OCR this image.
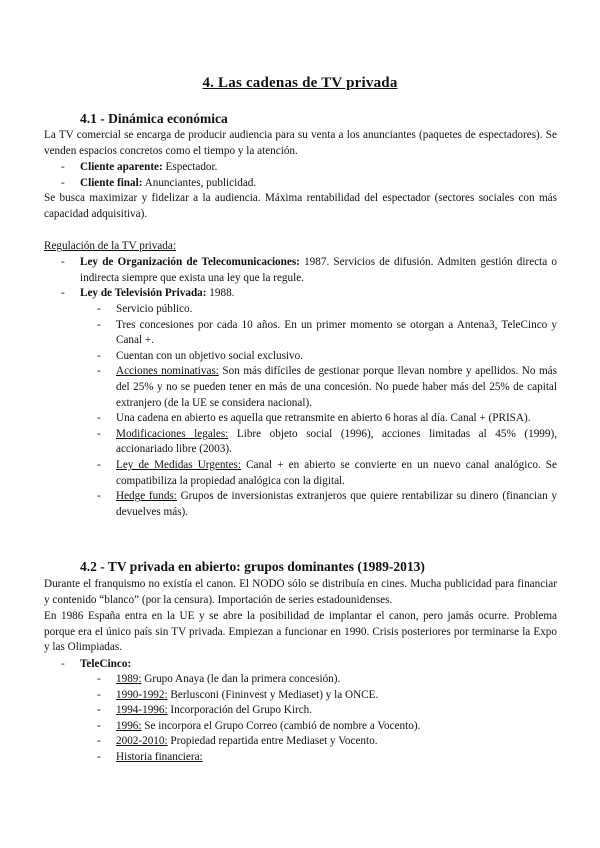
4. Las cadenas de TV privada
4.1 - Dinámica económica
La TV comercial se encarga de producir audiencia para su venta a los anunciantes (paquetes de espectadores). Se venden espacios concretos como el tiempo y la atención.
- Cliente aparente: Espectador.
- Cliente final: Anunciantes, publicidad.
Se busca maximizar y fidelizar a la audiencia. Máxima rentabilidad del espectador (sectores sociales con más capacidad adquisitiva).
Regulación de la TV privada:
- Ley de Organización de Telecomunicaciones: 1987. Servicios de difusión. Admiten gestión directa o indirecta siempre que exista una ley que la regule.
- Ley de Televisión Privada: 1988.
- Servicio público.
- Tres concesiones por cada 10 años. En un primer momento se otorgan a Antena3, TeleCinco y Canal +.
- Cuentan con un objetivo social exclusivo.
- Acciones nominativas: Son más difíciles de gestionar porque llevan nombre y apellidos. No más del 25% y no se pueden tener en más de una concesión. No puede haber más del 25% de capital extranjero (de la UE se considera nacional).
- Una cadena en abierto es aquella que retransmite en abierto 6 horas al día. Canal + (PRISA).
- Modificaciones legales: Libre objeto social (1996), acciones limitadas al 45% (1999), accionariado libre (2003).
- Ley de Medidas Urgentes: Canal + en abierto se convierte en un nuevo canal analógico. Se compatibiliza la propiedad analógica con la digital.
- Hedge funds: Grupos de inversionistas extranjeros que quiere rentabilizar su dinero (financian y devuelves más).
4.2 - TV privada en abierto: grupos dominantes (1989-2013)
Durante el franquismo no existía el canon. El NODO sólo se distribuía en cines. Mucha publicidad para financiar y contenido “blanco” (por la censura). Importación de series estadounidenses.
En 1986 España entra en la UE y se abre la posibilidad de implantar el canon, pero jamás ocurre. Problema porque era el único país sin TV privada. Empiezan a funcionar en 1990. Crisis posteriores por terminarse la Expo y las Olimpiadas.
- TeleCinco:
- 1989: Grupo Anaya (le dan la primera concesión).
- 1990-1992: Berlusconi (Fininvest y Mediaset) y la ONCE.
- 1994-1996: Incorporación del Grupo Kirch.
- 1996: Se incorpora el Grupo Correo (cambió de nombre a Vocento).
- 2002-2010: Propiedad repartida entre Mediaset y Vocento.
- Historia financiera:
